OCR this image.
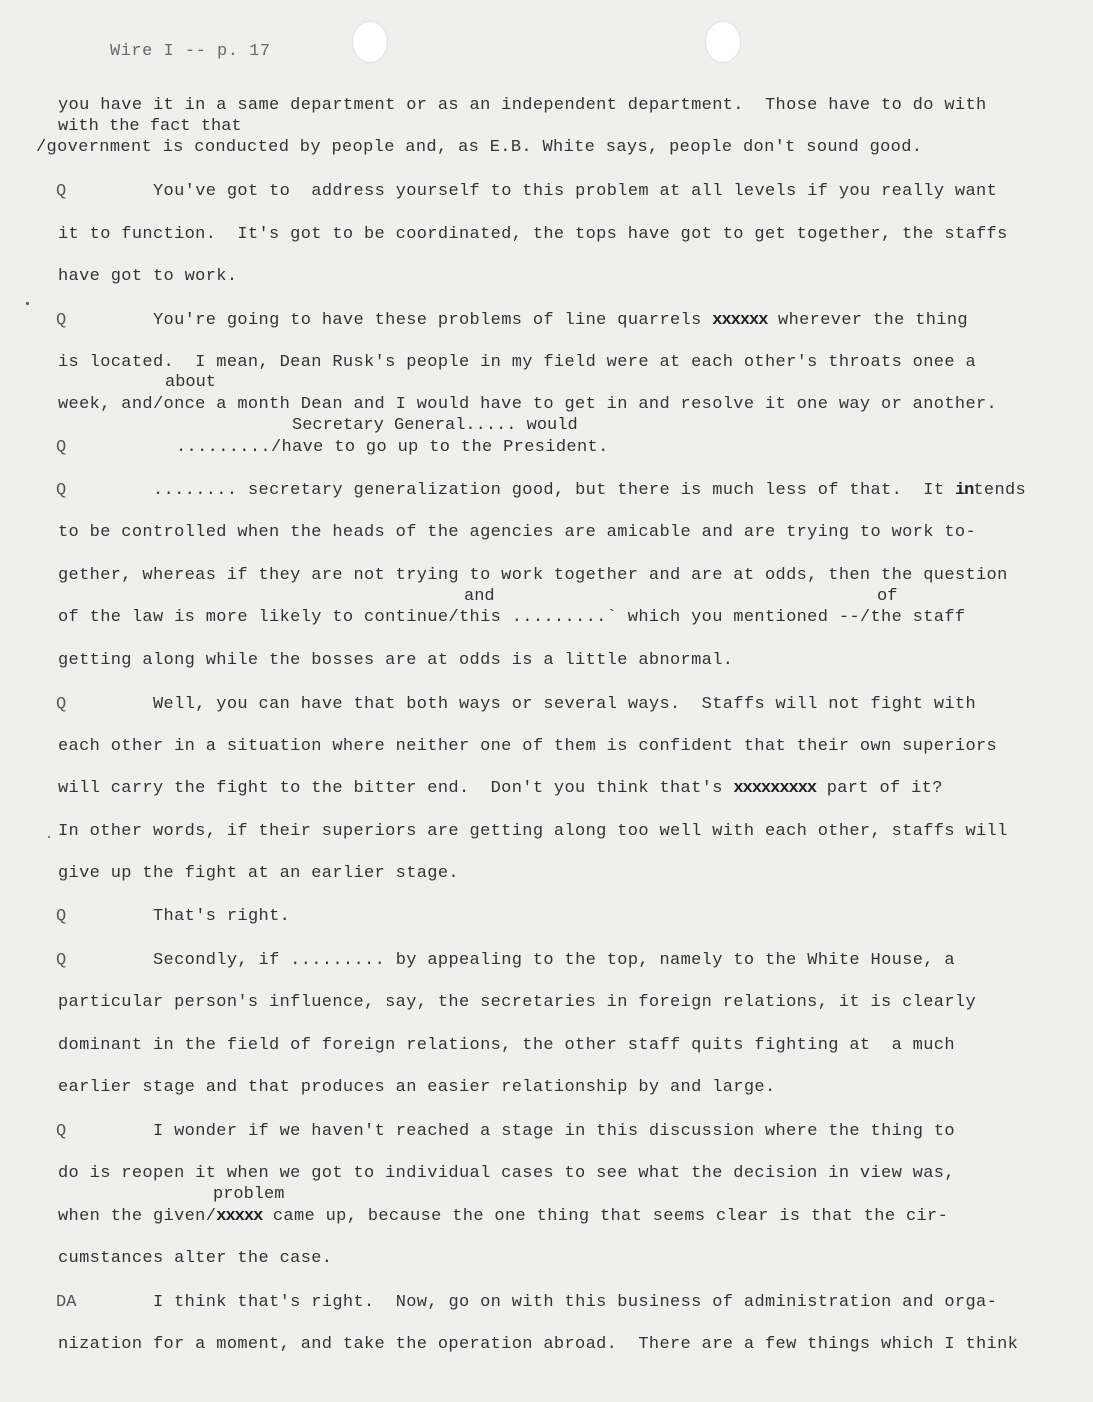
Wire I -- p. 17
you have it in a same department or as an independent department.  Those have to do with
with the fact that
/government is conducted by people and, as E.B. White says, people don't sound good.
Q	You've got to  address yourself to this problem at all levels if you really want
it to function.  It's got to be coordinated, the tops have got to get together, the staffs
have got to work.
Q	You're going to have these problems of line quarrels xxxxxx wherever the thing
is located.  I mean, Dean Rusk's people in my field were at each other's throats onee a
about
week, and/once a month Dean and I would have to get in and resolve it one way or another.
Secretary General..... would
Q	........./have to go up to the President.
Q	........ secretary generalization good, but there is much less of that.  It intends
to be controlled when the heads of the agencies are amicable and are trying to work to-
gether, whereas if they are not trying to work together and are at odds, then the question
and	of
of the law is more likely to continue/this .........` which you mentioned --/the staff
getting along while the bosses are at odds is a little abnormal.
Q	Well, you can have that both ways or several ways.  Staffs will not fight with
each other in a situation where neither one of them is confident that their own superiors
will carry the fight to the bitter end.  Don't you think that's xxxxxxxxx part of it?
In other words, if their superiors are getting along too well with each other, staffs will
give up the fight at an earlier stage.
Q	That's right.
Q	Secondly, if ......... by appealing to the top, namely to the White House, a
particular person's influence, say, the secretaries in foreign relations, it is clearly
dominant in the field of foreign relations, the other staff quits fighting at  a much
earlier stage and that produces an easier relationship by and large.
Q	I wonder if we haven't reached a stage in this discussion where the thing to
do is reopen it when we got to individual cases to see what the decision in view was,
problem
when the given/xxxxx came up, because the one thing that seems clear is that the cir-
cumstances alter the case.
DA	I think that's right.  Now, go on with this business of administration and orga-
nization for a moment, and take the operation abroad.  There are a few things which I think
